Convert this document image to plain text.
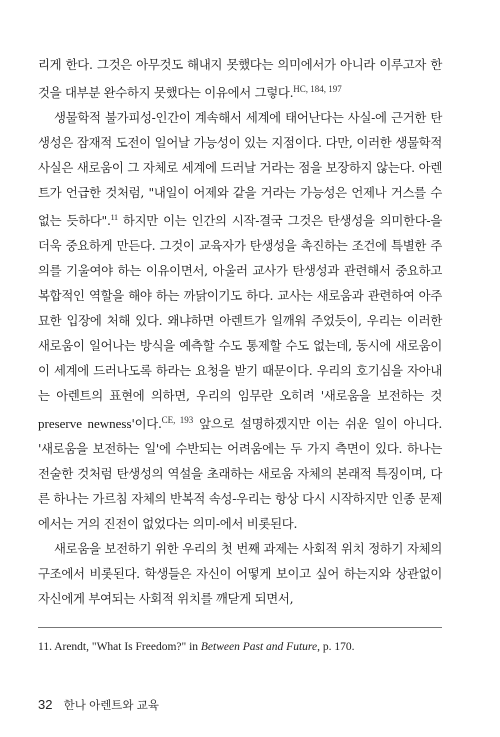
리게 한다. 그것은 아무것도 해내지 못했다는 의미에서가 아니라 이루고자 한 것을 대부분 완수하지 못했다는 이유에서 그렇다.$^{HC, 184, 197}$

생물학적 불가피성-인간이 계속해서 세계에 태어난다는 사실-에 근거한 탄생성은 잠재적 도전이 일어날 가능성이 있는 지점이다. 다만, 이러한 생물학적 사실은 새로움이 그 자체로 세계에 드러날 거라는 점을 보장하지 않는다. 아렌트가 언급한 것처럼, "내일이 어제와 같을 거라는 가능성은 언제나 거스를 수 없는 듯하다".$^{11}$ 하지만 이는 인간의 시작-결국 그것은 탄생성을 의미한다-을 더욱 중요하게 만든다. 그것이 교육자가 탄생성을 촉진하는 조건에 특별한 주의를 기울여야 하는 이유이면서, 아울러 교사가 탄생성과 관련해서 중요하고 복합적인 역할을 해야 하는 까닭이기도 하다. 교사는 새로움과 관련하여 아주 묘한 입장에 처해 있다. 왜냐하면 아렌트가 일깨워 주었듯이, 우리는 이러한 새로움이 일어나는 방식을 예측할 수도 통제할 수도 없는데, 동시에 새로움이 이 세계에 드러나도록 하라는 요청을 받기 때문이다. 우리의 호기심을 자아내는 아렌트의 표현에 의하면, 우리의 임무란 오히려 '새로움을 보전하는 것preserve newness'이다.$^{CE, 193}$ 앞으로 설명하겠지만 이는 쉬운 일이 아니다. '새로움을 보전하는 일'에 수반되는 어려움에는 두 가지 측면이 있다. 하나는 전술한 것처럼 탄생성의 역설을 초래하는 새로움 자체의 본래적 특징이며, 다른 하나는 가르침 자체의 반복적 속성-우리는 항상 다시 시작하지만 인종 문제에서는 거의 진전이 없었다는 의미-에서 비롯된다.

새로움을 보전하기 위한 우리의 첫 번째 과제는 사회적 위치 정하기 자체의 구조에서 비롯된다. 학생들은 자신이 어떻게 보이고 싶어 하는지와 상관없이 자신에게 부여되는 사회적 위치를 깨닫게 되면서,

11. Arendt, "What Is Freedom?" in Between Past and Future, p. 170.
32 한나 아렌트와 교육
